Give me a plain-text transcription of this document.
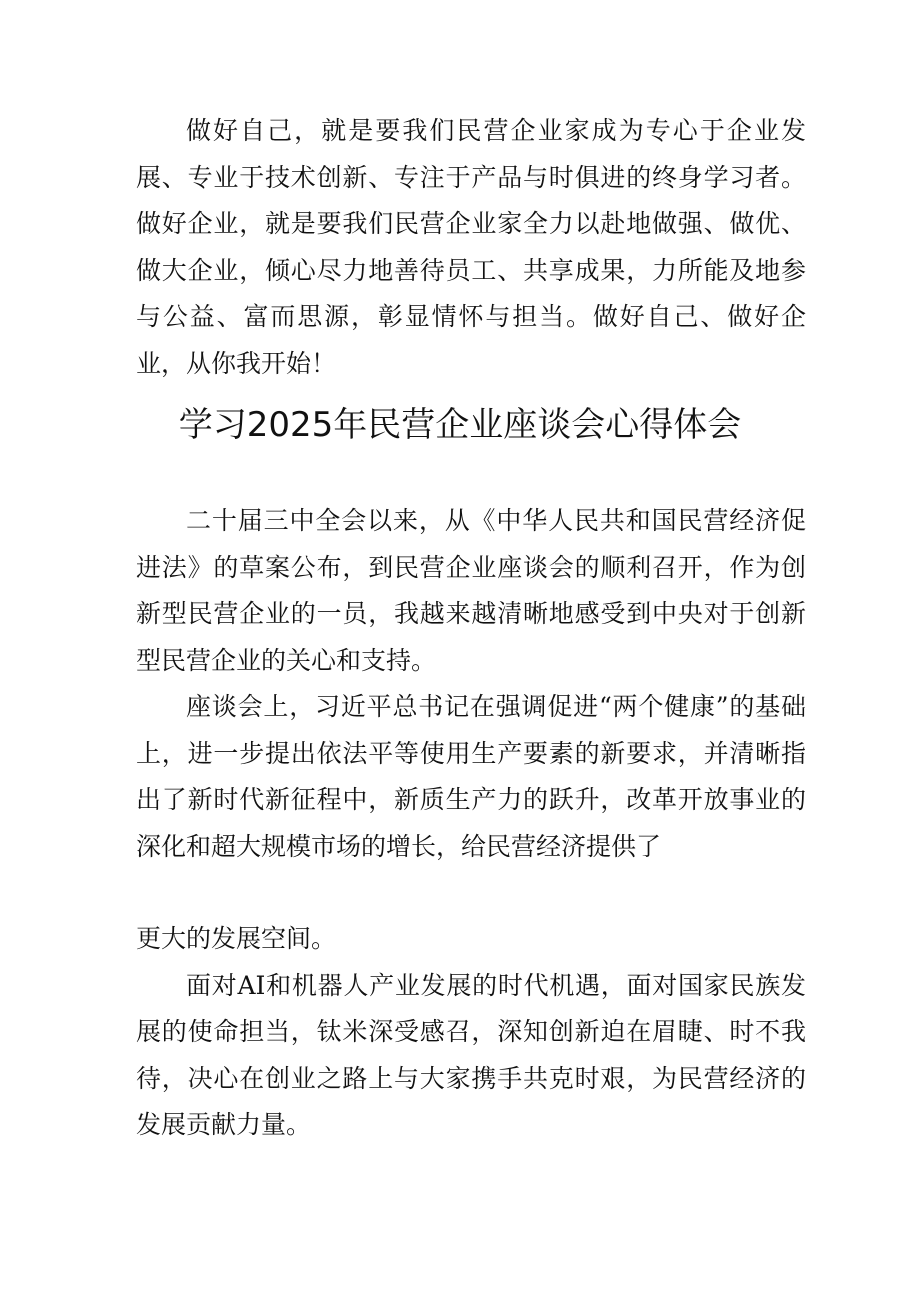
做好自己，就是要我们民营企业家成为专心于企业发展、专业于技术创新、专注于产品与时俱进的终身学习者。做好企业，就是要我们民营企业家全力以赴地做强、做优、做大企业，倾心尽力地善待员工、共享成果，力所能及地参与公益、富而思源，彰显情怀与担当。做好自己、做好企业，从你我开始！

学习2025年民营企业座谈会心得体会

二十届三中全会以来，从《中华人民共和国民营经济促进法》的草案公布，到民营企业座谈会的顺利召开，作为创新型民营企业的一员，我越来越清晰地感受到中央对于创新型民营企业的关心和支持。

座谈会上，习近平总书记在强调促进“两个健康”的基础上，进一步提出依法平等使用生产要素的新要求，并清晰指出了新时代新征程中，新质生产力的跃升，改革开放事业的深化和超大规模市场的增长，给民营经济提供了

更大的发展空间。

面对AI和机器人产业发展的时代机遇，面对国家民族发展的使命担当，钛米深受感召，深知创新迫在眉睫、时不我待，决心在创业之路上与大家携手共克时艰，为民营经济的发展贡献力量。
